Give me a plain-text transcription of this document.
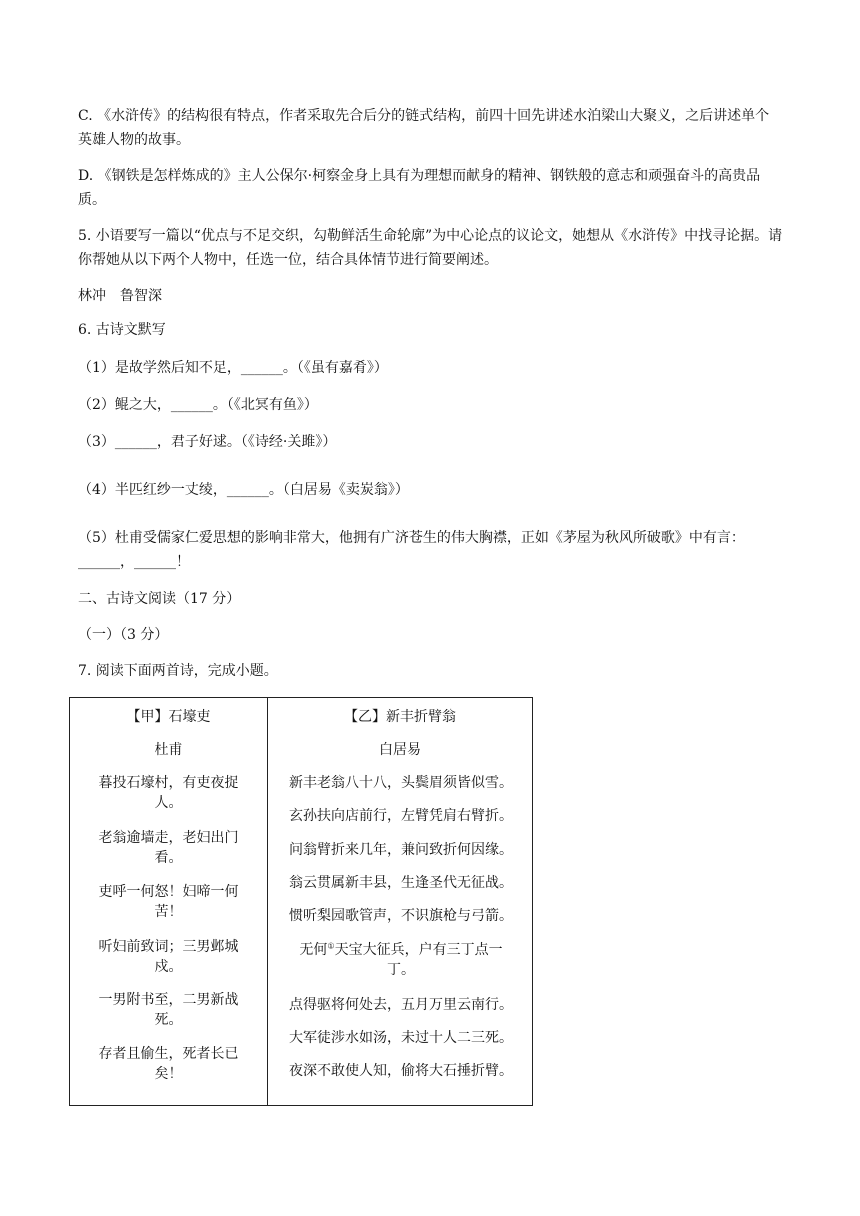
C. 《水浒传》的结构很有特点，作者采取先合后分的链式结构，前四十回先讲述水泊梁山大聚义，之后讲述单个英雄人物的故事。

D. 《钢铁是怎样炼成的》主人公保尔·柯察金身上具有为理想而献身的精神、钢铁般的意志和顽强奋斗的高贵品质。

5. 小语要写一篇以“优点与不足交织，勾勒鲜活生命轮廓”为中心论点的议论文，她想从《水浒传》中找寻论据。请你帮她从以下两个人物中，任选一位，结合具体情节进行简要阐述。

林冲　鲁智深
6. 古诗文默写
（1）是故学然后知不足，______。（《虽有嘉肴》）
（2）鲲之大，______。（《北冥有鱼》）
（3）______，君子好逑。（《诗经·关雎》）
（4）半匹红纱一丈绫，______。（白居易《卖炭翁》）

（5）杜甫受儒家仁爱思想的影响非常大，他拥有广济苍生的伟大胸襟，正如《茅屋为秋风所破歌》中有言：______，______！

二、古诗文阅读（17 分）
（一）（3 分）
7. 阅读下面两首诗，完成小题。
【甲】石壕吏
杜甫
暮投石壕村，有吏夜捉人。
老翁逾墙走，老妇出门看。
吏呼一何怒！妇啼一何苦！
听妇前致词；三男邺城戍。
一男附书至，二男新战死。
存者且偷生，死者长已矣！

【乙】新丰折臂翁
白居易
新丰老翁八十八，头鬓眉须皆似雪。
玄孙扶向店前行，左臂凭肩右臂折。
问翁臂折来几年，兼问致折何因缘。
翁云贯属新丰县，生逢圣代无征战。
惯听梨园歌管声，不识旗枪与弓箭。
无何①天宝大征兵，户有三丁点一丁。
点得驱将何处去，五月万里云南行。
大军徒涉水如汤，未过十人二三死。
夜深不敢使人知，偷将大石捶折臂。
